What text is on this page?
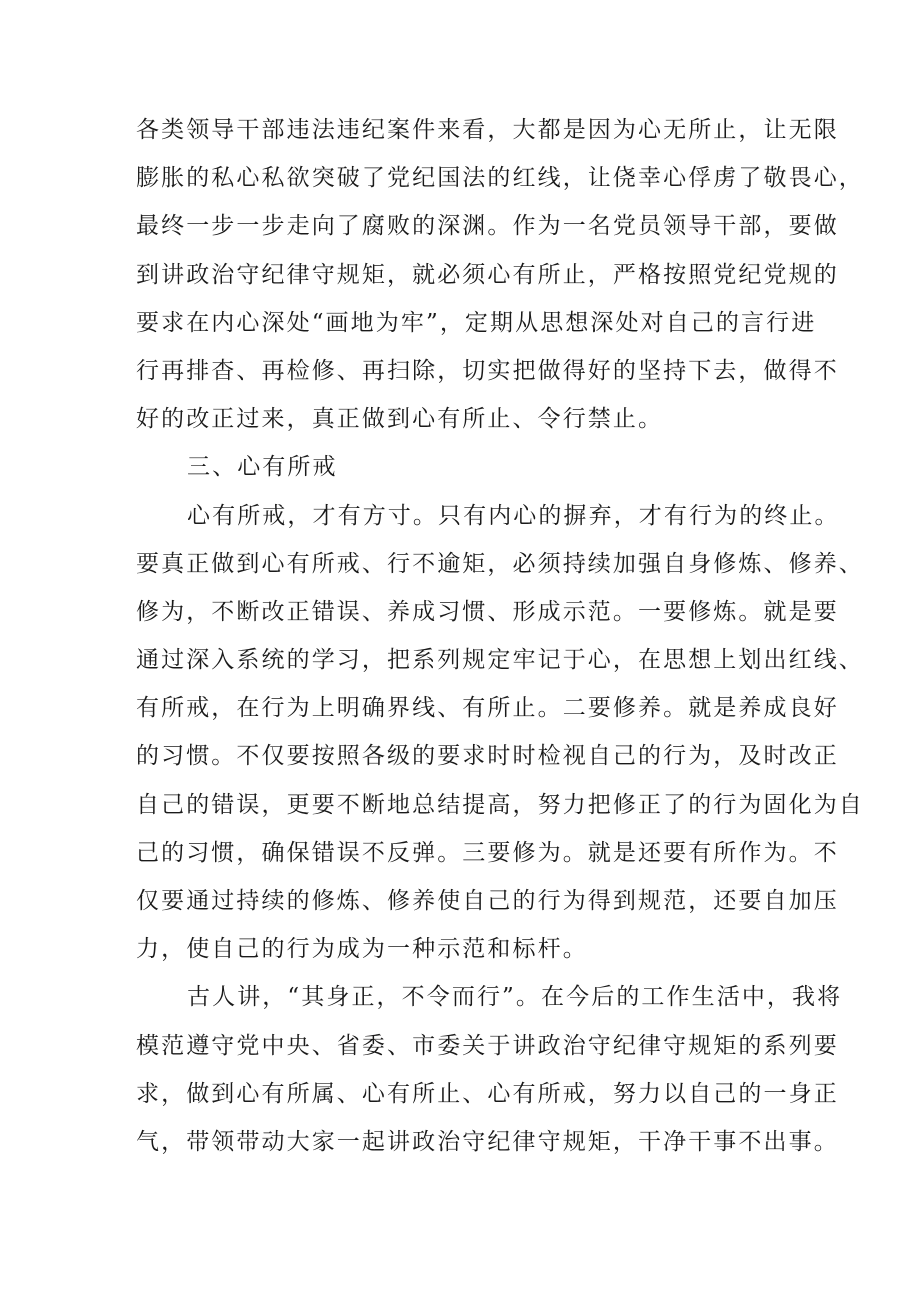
各类领导干部违法违纪案件来看，大都是因为心无所止，让无限
膨胀的私心私欲突破了党纪国法的红线，让侥幸心俘虏了敬畏心，
最终一步一步走向了腐败的深渊。作为一名党员领导干部，要做
到讲政治守纪律守规矩，就必须心有所止，严格按照党纪党规的
要求在内心深处“画地为牢”，定期从思想深处对自己的言行进
行再排杳、再检修、再扫除，切实把做得好的坚持下去，做得不
好的改正过来，真正做到心有所止、令行禁止。
三、心有所戒
心有所戒，才有方寸。只有内心的摒弃，才有行为的终止。
要真正做到心有所戒、行不逾矩，必须持续加强自身修炼、修养、
修为，不断改正错误、养成习惯、形成示范。一要修炼。就是要
通过深入系统的学习，把系列规定牢记于心，在思想上划出红线、
有所戒，在行为上明确界线、有所止。二要修养。就是养成良好
的习惯。不仅要按照各级的要求时时检视自己的行为，及时改正
自己的错误，更要不断地总结提高，努力把修正了的行为固化为自
己的习惯，确保错误不反弹。三要修为。就是还要有所作为。不
仅要通过持续的修炼、修养使自己的行为得到规范，还要自加压
力，使自己的行为成为一种示范和标杆。
古人讲，“其身正，不令而行”。在今后的工作生活中，我将
模范遵守党中央、省委、市委关于讲政治守纪律守规矩的系列要
求，做到心有所属、心有所止、心有所戒，努力以自己的一身正
气，带领带动大家一起讲政治守纪律守规矩，干净干事不出事。
